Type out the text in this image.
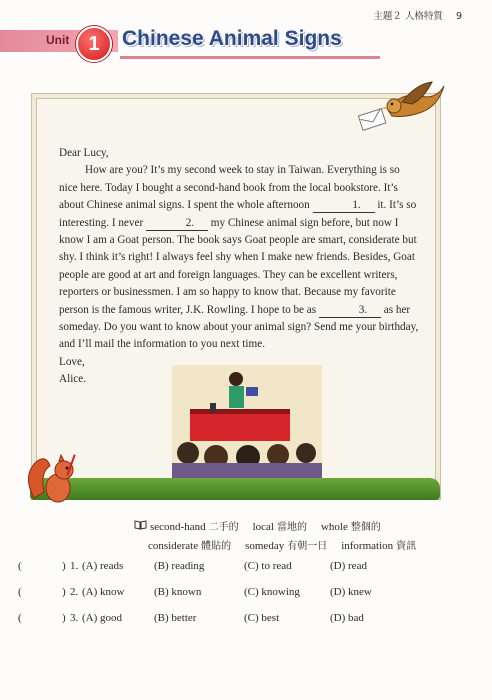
主題２ 人格特質 9
Unit 1	Chinese Animal Signs

Dear Lucy,

How are you? It’s my second week to stay in Taiwan. Everything is so nice here. Today I bought a second-hand book from the local bookstore. It’s about Chinese animal signs. I spent the whole afternoon	1. it. It’s so interesting. I never	2. my Chinese animal sign before, but now I know I am a Goat person. The book says Goat people are smart, considerate but shy. I think it’s right! I always feel shy when I make new friends. Besides, Goat people are good at art and foreign languages. They can be excellent writers, reporters or businessmen. I am so happy to know that. Because my favorite person is the famous writer, J.K. Rowling. I hope to be as	3. as her someday. Do you want to know about your animal sign? Send me your birthday, and I’ll mail the information to you next time.

Love,

Alice.

second-hand 二手的 local 當地的 whole 整個的
considerate 體貼的 someday 有朝一日 information 資訊
(	) 1. (A) reads	(B) reading	(C) to read	(D) read
(	) 2. (A) know	(B) known	(C) knowing	(D) knew
(	) 3. (A) good	(B) better	(C) best	(D) bad
